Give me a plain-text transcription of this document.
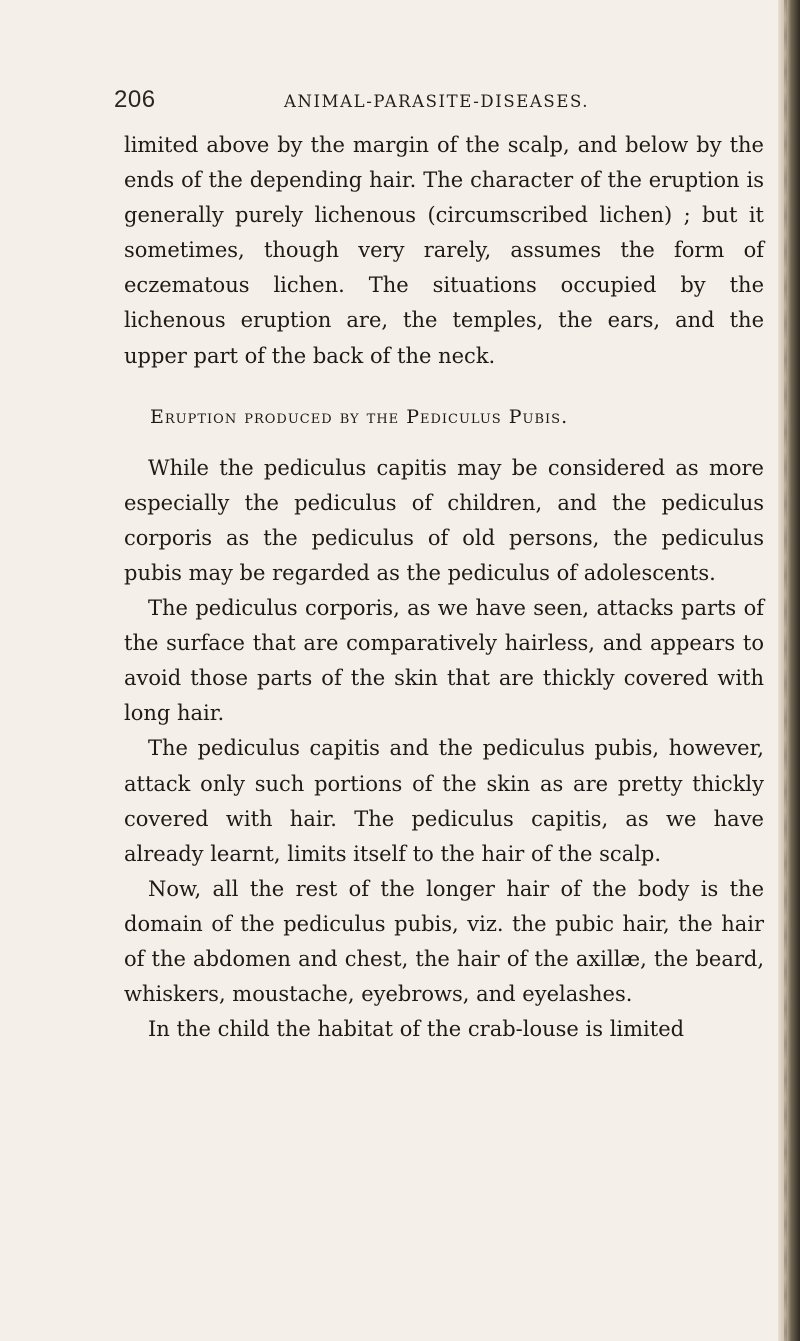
206	ANIMAL-PARASITE-DISEASES.

limited above by the margin of the scalp, and below by the ends of the depending hair. The character of the eruption is generally purely lichenous (circumscribed lichen) ; but it sometimes, though very rarely, assumes the form of eczematous lichen. The situations occupied by the lichenous eruption are, the temples, the ears, and the upper part of the back of the neck.

Eruption produced by the Pediculus Pubis.

While the pediculus capitis may be considered as more especially the pediculus of children, and the pediculus corporis as the pediculus of old persons, the pediculus pubis may be regarded as the pediculus of adolescents.

The pediculus corporis, as we have seen, attacks parts of the surface that are comparatively hairless, and appears to avoid those parts of the skin that are thickly covered with long hair.

The pediculus capitis and the pediculus pubis, however, attack only such portions of the skin as are pretty thickly covered with hair. The pediculus capitis, as we have already learnt, limits itself to the hair of the scalp.

Now, all the rest of the longer hair of the body is the domain of the pediculus pubis, viz. the pubic hair, the hair of the abdomen and chest, the hair of the axillæ, the beard, whiskers, moustache, eyebrows, and eyelashes.

In the child the habitat of the crab-louse is limited
